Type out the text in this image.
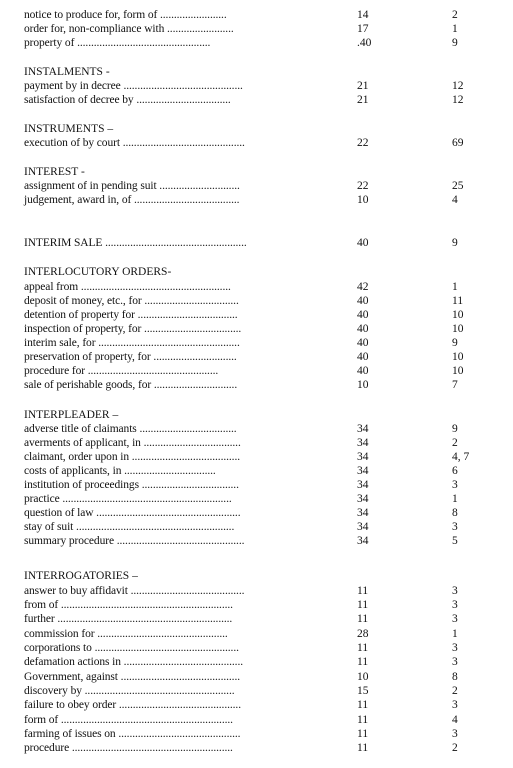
notice to produce for, form of ........................	14	2
order for, non-compliance with ........................	17	1
property of ................................................	.40	9
INSTALMENTS -
payment by in decree ...........................................	21	12
satisfaction of decree by ..................................	21	12
INSTRUMENTS –
execution of by court ............................................	22	69
INTEREST -
assignment of in pending suit .............................	22	25
judgement, award in, of ......................................	10	4
INTERIM SALE ...................................................	40	9
INTERLOCUTORY ORDERS-
appeal from ......................................................	42	1
deposit of money, etc., for ..................................	40	11
detention of property for ....................................	40	10
inspection of property, for ...................................	40	10
interim sale, for ...................................................	40	9
preservation of property, for ..............................	40	10
procedure for ...............................................	40	10
sale of perishable goods, for ..............................	10	7
INTERPLEADER –
adverse title of claimants ...................................	34	9
averments of applicant, in ...................................	34	2
claimant, order upon in .......................................	34	4, 7
costs of applicants, in .................................	34	6
institution of proceedings ...................................	34	3
practice .............................................................	34	1
question of law ....................................................	34	8
stay of suit .........................................................	34	3
summary procedure ..............................................	34	5
INTERROGATORIES –
answer to buy affidavit .........................................	11	3
from of ..............................................................	11	3
further ...............................................................	11	3
commission for ...............................................	28	1
corporations to ....................................................	11	3
defamation actions in ...........................................	11	3
Government, against ...........................................	10	8
discovery by ......................................................	15	2
failure to obey order ............................................	11	3
form of ..............................................................	11	4
farming of issues on ............................................	11	3
procedure ..........................................................	11	2
